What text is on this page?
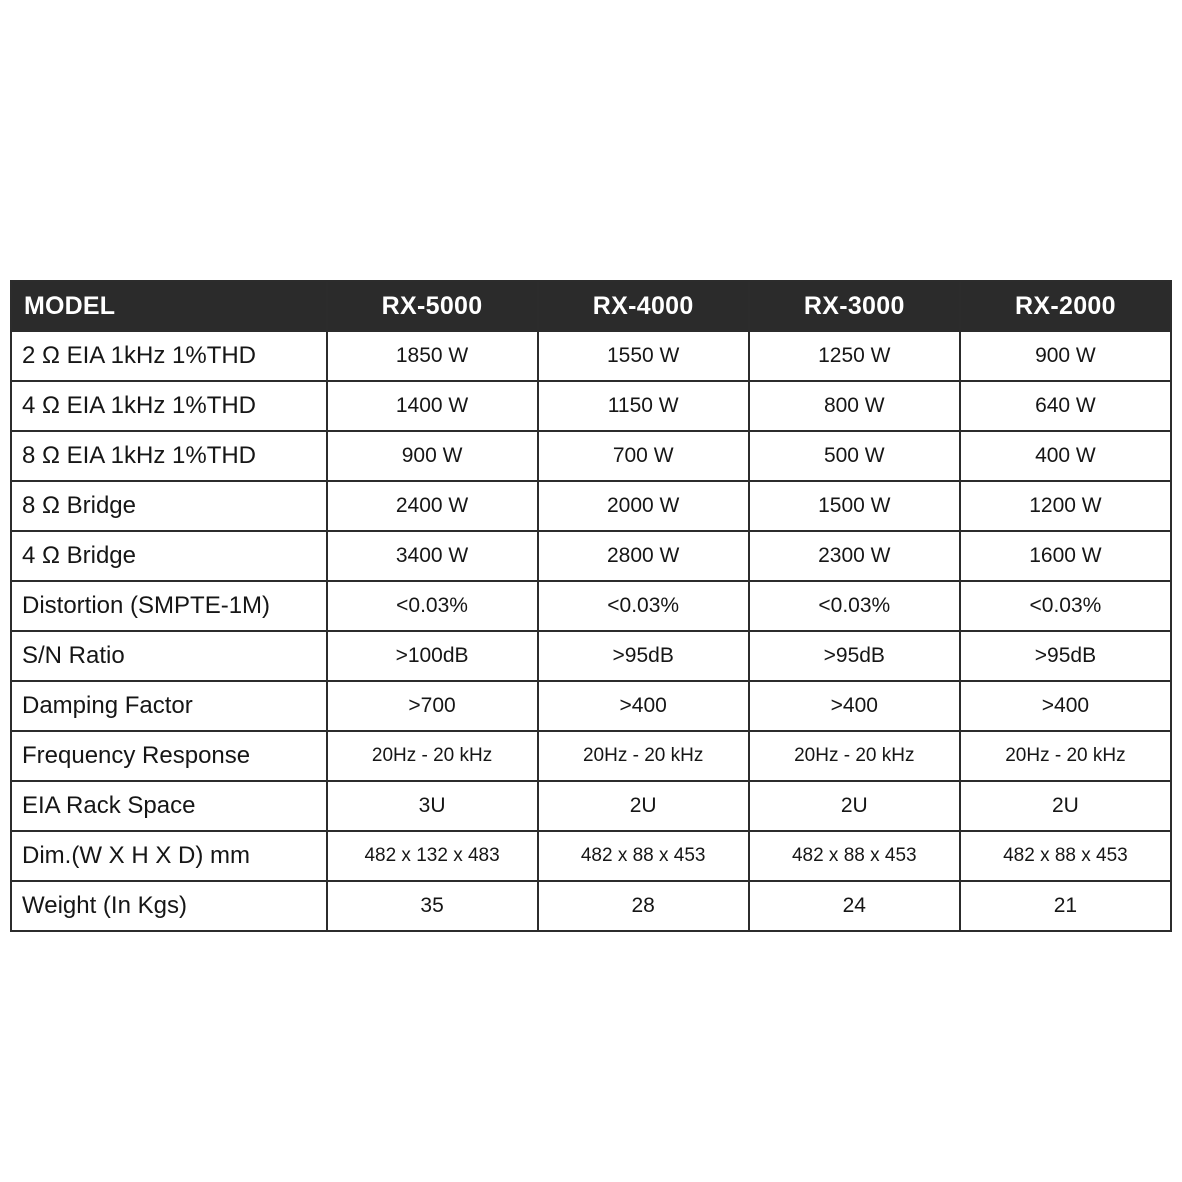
MODEL	RX-5000	RX-4000	RX-3000	RX-2000
2 Ω EIA 1kHz 1%THD	1850 W	1550 W	1250 W	900 W
4 Ω EIA 1kHz 1%THD	1400 W	1150 W	800 W	640 W
8 Ω EIA 1kHz 1%THD	900 W	700 W	500 W	400 W
8 Ω Bridge	2400 W	2000 W	1500 W	1200 W
4 Ω Bridge	3400 W	2800 W	2300 W	1600 W
Distortion (SMPTE-1M)	<0.03%	<0.03%	<0.03%	<0.03%
S/N Ratio	>100dB	>95dB	>95dB	>95dB
Damping Factor	>700	>400	>400	>400
Frequency Response	20Hz - 20 kHz	20Hz - 20 kHz	20Hz - 20 kHz	20Hz - 20 kHz
EIA Rack Space	3U	2U	2U	2U
Dim.(W X H X D) mm	482 x 132 x 483	482 x 88 x 453	482 x 88 x 453	482 x 88 x 453
Weight (In Kgs)	35	28	24	21
